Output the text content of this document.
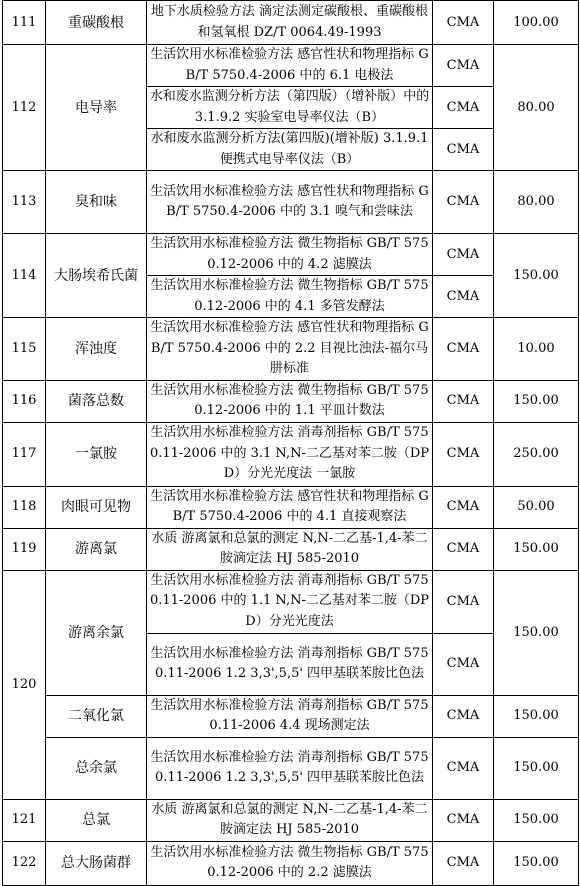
111	重碳酸根	地下水质检验方法 滴定法测定碳酸根、重碳酸根和氢氧根 DZ/T 0064.49-1993	CMA	100.00
112	电导率	生活饮用水标准检验方法 感官性状和物理指标 GB/T 5750.4-2006 中的 6.1 电极法	CMA	80.00
		水和废水监测分析方法（第四版）（增补版）中的 3.1.9.2 实验室电导率仪法（B）	CMA	
		水和废水监测分析方法(第四版)(增补版) 3.1.9.1 便携式电导率仪法（B）	CMA	
113	臭和味	生活饮用水标准检验方法 感官性状和物理指标 GB/T 5750.4-2006 中的 3.1 嗅气和尝味法	CMA	80.00
114	大肠埃希氏菌	生活饮用水标准检验方法 微生物指标 GB/T 5750.12-2006 中的 4.2 滤膜法	CMA	150.00
		生活饮用水标准检验方法 微生物指标 GB/T 5750.12-2006 中的 4.1 多管发酵法	CMA	
115	浑浊度	生活饮用水标准检验方法 感官性状和物理指标 GB/T 5750.4-2006 中的 2.2 目视比浊法-福尔马肼标准	CMA	10.00
116	菌落总数	生活饮用水标准检验方法 微生物指标 GB/T 5750.12-2006 中的 1.1 平皿计数法	CMA	150.00
117	一氯胺	生活饮用水标准检验方法 消毒剂指标 GB/T 5750.11-2006 中的 3.1 N,N-二乙基对苯二胺（DPD）分光光度法 一氯胺	CMA	250.00
118	肉眼可见物	生活饮用水标准检验方法 感官性状和物理指标 GB/T 5750.4-2006 中的 4.1 直接观察法	CMA	50.00
119	游离氯	水质 游离氯和总氯的测定 N,N-二乙基-1,4-苯二胺滴定法 HJ 585-2010	CMA	150.00
120	游离余氯	生活饮用水标准检验方法 消毒剂指标 GB/T 5750.11-2006 中的 1.1 N,N-二乙基对苯二胺（DPD）分光光度法	CMA	150.00
		生活饮用水标准检验方法 消毒剂指标 GB/T 5750.11-2006 1.2 3,3',5,5' 四甲基联苯胺比色法	CMA	
	二氧化氯	生活饮用水标准检验方法 消毒剂指标 GB/T 5750.11-2006 4.4 现场测定法	CMA	150.00
	总余氯	生活饮用水标准检验方法 消毒剂指标 GB/T 5750.11-2006 1.2 3,3',5,5' 四甲基联苯胺比色法	CMA	150.00
121	总氯	水质 游离氯和总氯的测定 N,N-二乙基-1,4-苯二胺滴定法 HJ 585-2010	CMA	150.00
122	总大肠菌群	生活饮用水标准检验方法 微生物指标 GB/T 5750.12-2006 中的 2.2 滤膜法	CMA	150.00
